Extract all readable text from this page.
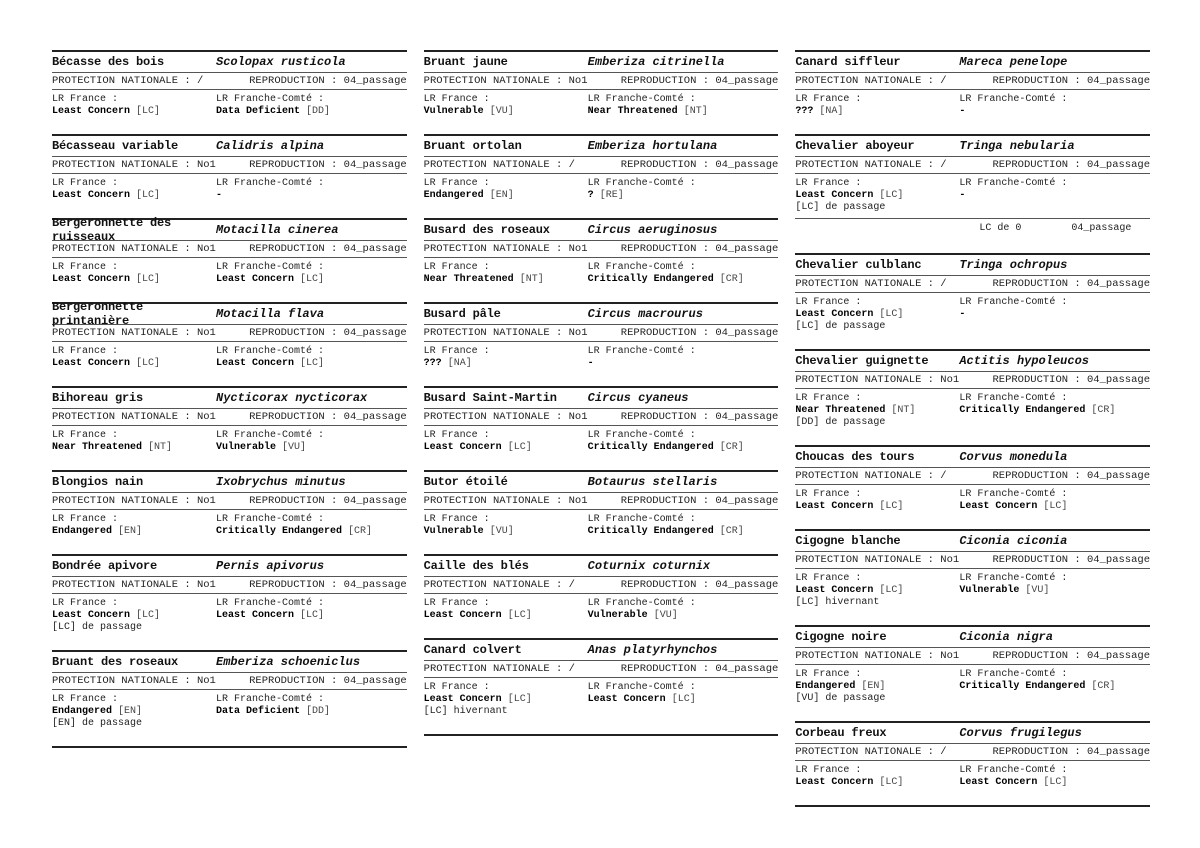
Bécasse des bois	Scolopax rusticola
PROTECTION NATIONALE : /	REPRODUCTION : 04_passage
LR France :
Least Concern [LC]
LR Franche-Comté :
Data Deficient [DD]
Bécasseau variable	Calidris alpina
PROTECTION NATIONALE : No1	REPRODUCTION : 04_passage
LR France :
Least Concern [LC]
LR Franche-Comté :
-
Bergeronnette des ruisseaux	Motacilla cinerea
PROTECTION NATIONALE : No1	REPRODUCTION : 04_passage
LR France :
Least Concern [LC]
LR Franche-Comté :
Least Concern [LC]
Bergeronnette printanière	Motacilla flava
PROTECTION NATIONALE : No1	REPRODUCTION : 04_passage
LR France :
Least Concern [LC]
LR Franche-Comté :
Least Concern [LC]
Bihoreau gris	Nycticorax nycticorax
PROTECTION NATIONALE : No1	REPRODUCTION : 04_passage
LR France :
Near Threatened [NT]
LR Franche-Comté :
Vulnerable [VU]
Blongios nain	Ixobrychus minutus
PROTECTION NATIONALE : No1	REPRODUCTION : 04_passage
LR France :
Endangered [EN]
LR Franche-Comté :
Critically Endangered [CR]
Bondrée apivore	Pernis apivorus
PROTECTION NATIONALE : No1	REPRODUCTION : 04_passage
LR France :
Least Concern [LC]
[LC] de passage
LR Franche-Comté :
Least Concern [LC]
Bruant des roseaux	Emberiza schoeniclus
PROTECTION NATIONALE : No1	REPRODUCTION : 04_passage
LR France :
Endangered [EN]
[EN] de passage
LR Franche-Comté :
Data Deficient [DD]
Bruant jaune	Emberiza citrinella
PROTECTION NATIONALE : No1	REPRODUCTION : 04_passage
LR France :
Vulnerable [VU]
LR Franche-Comté :
Near Threatened [NT]
Bruant ortolan	Emberiza hortulana
PROTECTION NATIONALE : /	REPRODUCTION : 04_passage
LR France :
Endangered [EN]
LR Franche-Comté :
? [RE]
Busard des roseaux	Circus aeruginosus
PROTECTION NATIONALE : No1	REPRODUCTION : 04_passage
LR France :
Near Threatened [NT]
LR Franche-Comté :
Critically Endangered [CR]
Busard pâle	Circus macrourus
PROTECTION NATIONALE : No1	REPRODUCTION : 04_passage
LR France :
??? [NA]
LR Franche-Comté :
-
Busard Saint-Martin	Circus cyaneus
PROTECTION NATIONALE : No1	REPRODUCTION : 04_passage
LR France :
Least Concern [LC]
LR Franche-Comté :
Critically Endangered [CR]
Butor étoilé	Botaurus stellaris
PROTECTION NATIONALE : No1	REPRODUCTION : 04_passage
LR France :
Vulnerable [VU]
LR Franche-Comté :
Critically Endangered [CR]
Caille des blés	Coturnix coturnix
PROTECTION NATIONALE : /	REPRODUCTION : 04_passage
LR France :
Least Concern [LC]
LR Franche-Comté :
Vulnerable [VU]
Canard colvert	Anas platyrhynchos
PROTECTION NATIONALE : /	REPRODUCTION : 04_passage
LR France :
Least Concern [LC]
[LC] hivernant
LR Franche-Comté :
Least Concern [LC]
Canard siffleur	Mareca penelope
PROTECTION NATIONALE : /	REPRODUCTION : 04_passage
LR France :
??? [NA]
LR Franche-Comté :
-
Chevalier aboyeur	Tringa nebularia
PROTECTION NATIONALE : /	REPRODUCTION : 04_passage
LR France :
Least Concern [LC]
[LC] de passage
LR Franche-Comté :
-
LC de 0	04_passage
Chevalier culblanc	Tringa ochropus
PROTECTION NATIONALE : /	REPRODUCTION : 04_passage
LR France :
Least Concern [LC]
[LC] de passage
LR Franche-Comté :
-
Chevalier guignette	Actitis hypoleucos
PROTECTION NATIONALE : No1	REPRODUCTION : 04_passage
LR France :
Near Threatened [NT]
[DD] de passage
LR Franche-Comté :
Critically Endangered [CR]
Choucas des tours	Corvus monedula
PROTECTION NATIONALE : /	REPRODUCTION : 04_passage
LR France :
Least Concern [LC]
LR Franche-Comté :
Least Concern [LC]
Cigogne blanche	Ciconia ciconia
PROTECTION NATIONALE : No1	REPRODUCTION : 04_passage
LR France :
Least Concern [LC]
[LC] hivernant
LR Franche-Comté :
Vulnerable [VU]
Cigogne noire	Ciconia nigra
PROTECTION NATIONALE : No1	REPRODUCTION : 04_passage
LR France :
Endangered [EN]
[VU] de passage
LR Franche-Comté :
Critically Endangered [CR]
Corbeau freux	Corvus frugilegus
PROTECTION NATIONALE : /	REPRODUCTION : 04_passage
LR France :
Least Concern [LC]
LR Franche-Comté :
Least Concern [LC]
